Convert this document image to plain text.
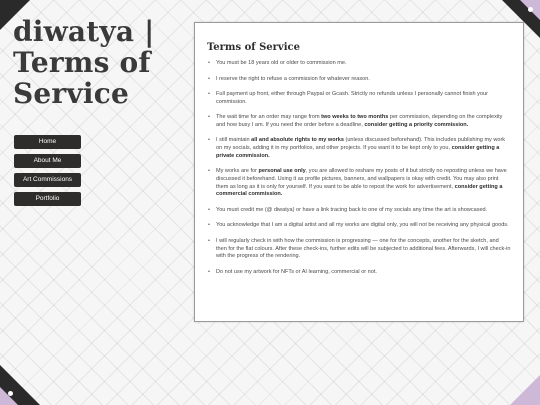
diwatya | Terms of Service
Home
About Me
Art Commissions
Portfolio
Terms of Service
• You must be 18 years old or older to commission me.
• I reserve the right to refuse a commission for whatever reason.
• Full payment up front, either through Paypal or Gcash. Strictly no refunds unless I personally cannot finish your commission.
• The wait time for an order may range from two weeks to two months per commission, depending on the complexity and how busy I am. If you need the order before a deadline, consider getting a priority commission.
• I still maintain all and absolute rights to my works (unless discussed beforehand). This includes publishing my work on my socials, adding it in my portfolios, and other projects. If you want it to be kept only to you, consider getting a private commission.
• My works are for personal use only, you are allowed to reshare my posts of it but strictly no reposting unless we have discussed it beforehand. Using it as profile pictures, banners, and wallpapers is okay with credit. You may also print them as long as it is only for yourself. If you want to be able to repost the work for advertisement, consider getting a commercial commission.
• You must credit me (@ diwatya) or have a link tracing back to one of my socials any time the art is showcased.
• You acknowledge that I am a digital artist and all my works are digital only, you will not be receiving any physical goods.
• I will regularly check in with how the commission is progressing — one for the concepts, another for the sketch, and then for the flat colours. After these check-ins, further edits will be subjected to additional fees. Afterwards, I will check-in with the progress of the rendering.
• Do not use my artwork for NFTs or AI learning, commercial or not.
